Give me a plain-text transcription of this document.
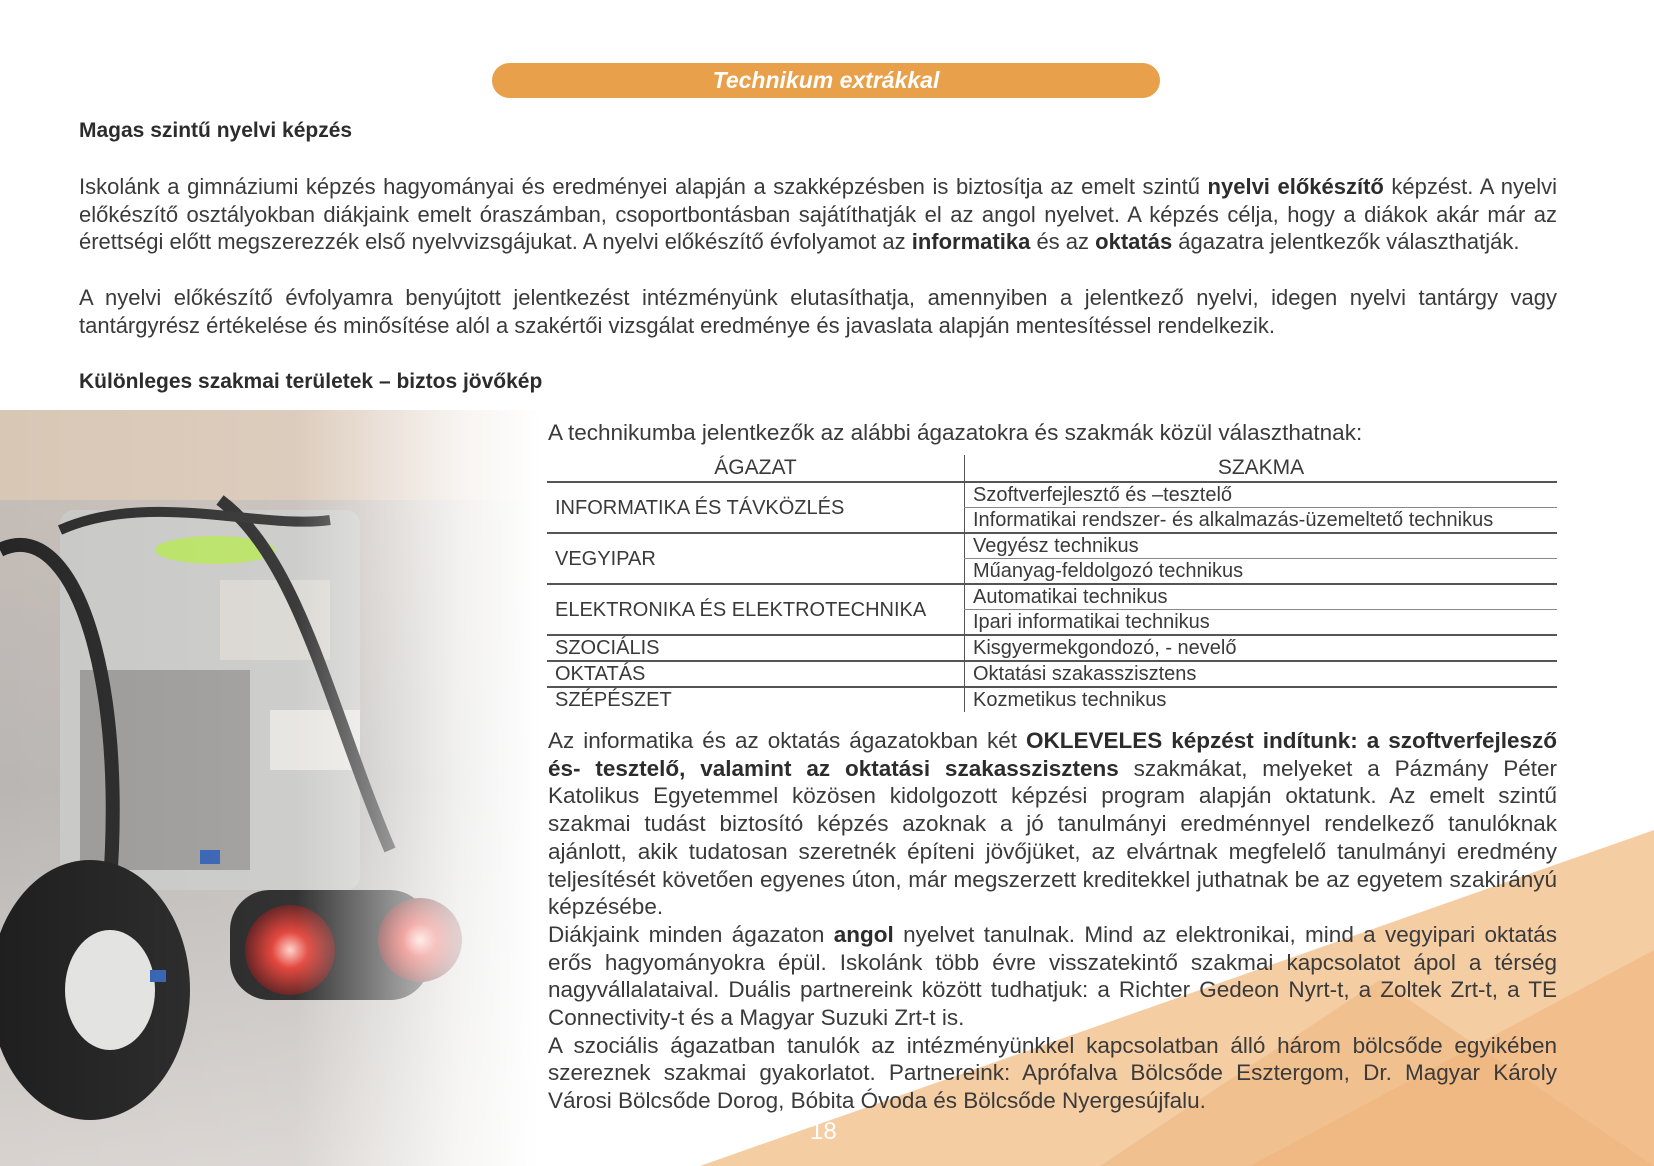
Technikum extrákkal
Magas szintű nyelvi képzés
Iskolánk a gimnáziumi képzés hagyományai és eredményei alapján a szakképzésben is biztosítja az emelt szintű nyelvi előkészítő képzést. A nyelvi előkészítő osztályokban diákjaink emelt óraszámban, csoportbontásban sajátíthatják el az angol nyelvet. A képzés célja, hogy a diákok akár már az érettségi előtt megszerezzék első nyelvvizsgájukat. A nyelvi előkészítő évfolyamot az informatika és az oktatás ágazatra jelentkezők választhatják.
A nyelvi előkészítő évfolyamra benyújtott jelentkezést intézményünk elutasíthatja, amennyiben a jelentkező nyelvi, idegen nyelvi tantárgy vagy tantárgyrész értékelése és minősítése alól a szakértői vizsgálat eredménye és javaslata alapján mentesítéssel rendelkezik.
Különleges szakmai területek – biztos jövőkép
A technikumba jelentkezők az alábbi ágazatokra és szakmák közül választhatnak:
ÁGAZAT	SZAKMA
INFORMATIKA ÉS TÁVKÖZLÉS	Szoftverfejlesztő és –tesztelő
	Informatikai rendszer- és alkalmazás-üzemeltető technikus
VEGYIPAR	Vegyész technikus
	Műanyag-feldolgozó technikus
ELEKTRONIKA ÉS ELEKTROTECHNIKA	Automatikai technikus
	Ipari informatikai technikus
SZOCIÁLIS	Kisgyermekgondozó, - nevelő
OKTATÁS	Oktatási szakasszisztens
SZÉPÉSZET	Kozmetikus technikus
Az informatika és az oktatás ágazatokban két OKLEVELES képzést indítunk: a szoftverfejlesző és- tesztelő, valamint az oktatási szakasszisztens szakmákat, melyeket a Pázmány Péter Katolikus Egyetemmel közösen kidolgozott képzési program alapján oktatunk. Az emelt szintű szakmai tudást biztosító képzés azoknak a jó tanulmányi eredménnyel rendelkező tanulóknak ajánlott, akik tudatosan szeretnék építeni jövőjüket, az elvártnak megfelelő tanulmányi eredmény teljesítését követően egyenes úton, már megszerzett kreditekkel juthatnak be az egyetem szakirányú képzésébe.
Diákjaink minden ágazaton angol nyelvet tanulnak. Mind az elektronikai, mind a vegyipari oktatás erős hagyományokra épül. Iskolánk több évre visszatekintő szakmai kapcsolatot ápol a térség nagyvállalataival. Duális partnereink között tudhatjuk: a Richter Gedeon Nyrt-t, a Zoltek Zrt-t, a TE Connectivity-t és a Magyar Suzuki Zrt-t is.
A szociális ágazatban tanulók az intézményünkkel kapcsolatban álló három bölcsőde egyikében szereznek szakmai gyakorlatot. Partnereink: Aprófalva Bölcsőde Esztergom, Dr. Magyar Károly Városi Bölcsőde Dorog, Bóbita Óvoda és Bölcsőde Nyergesújfalu.
18
